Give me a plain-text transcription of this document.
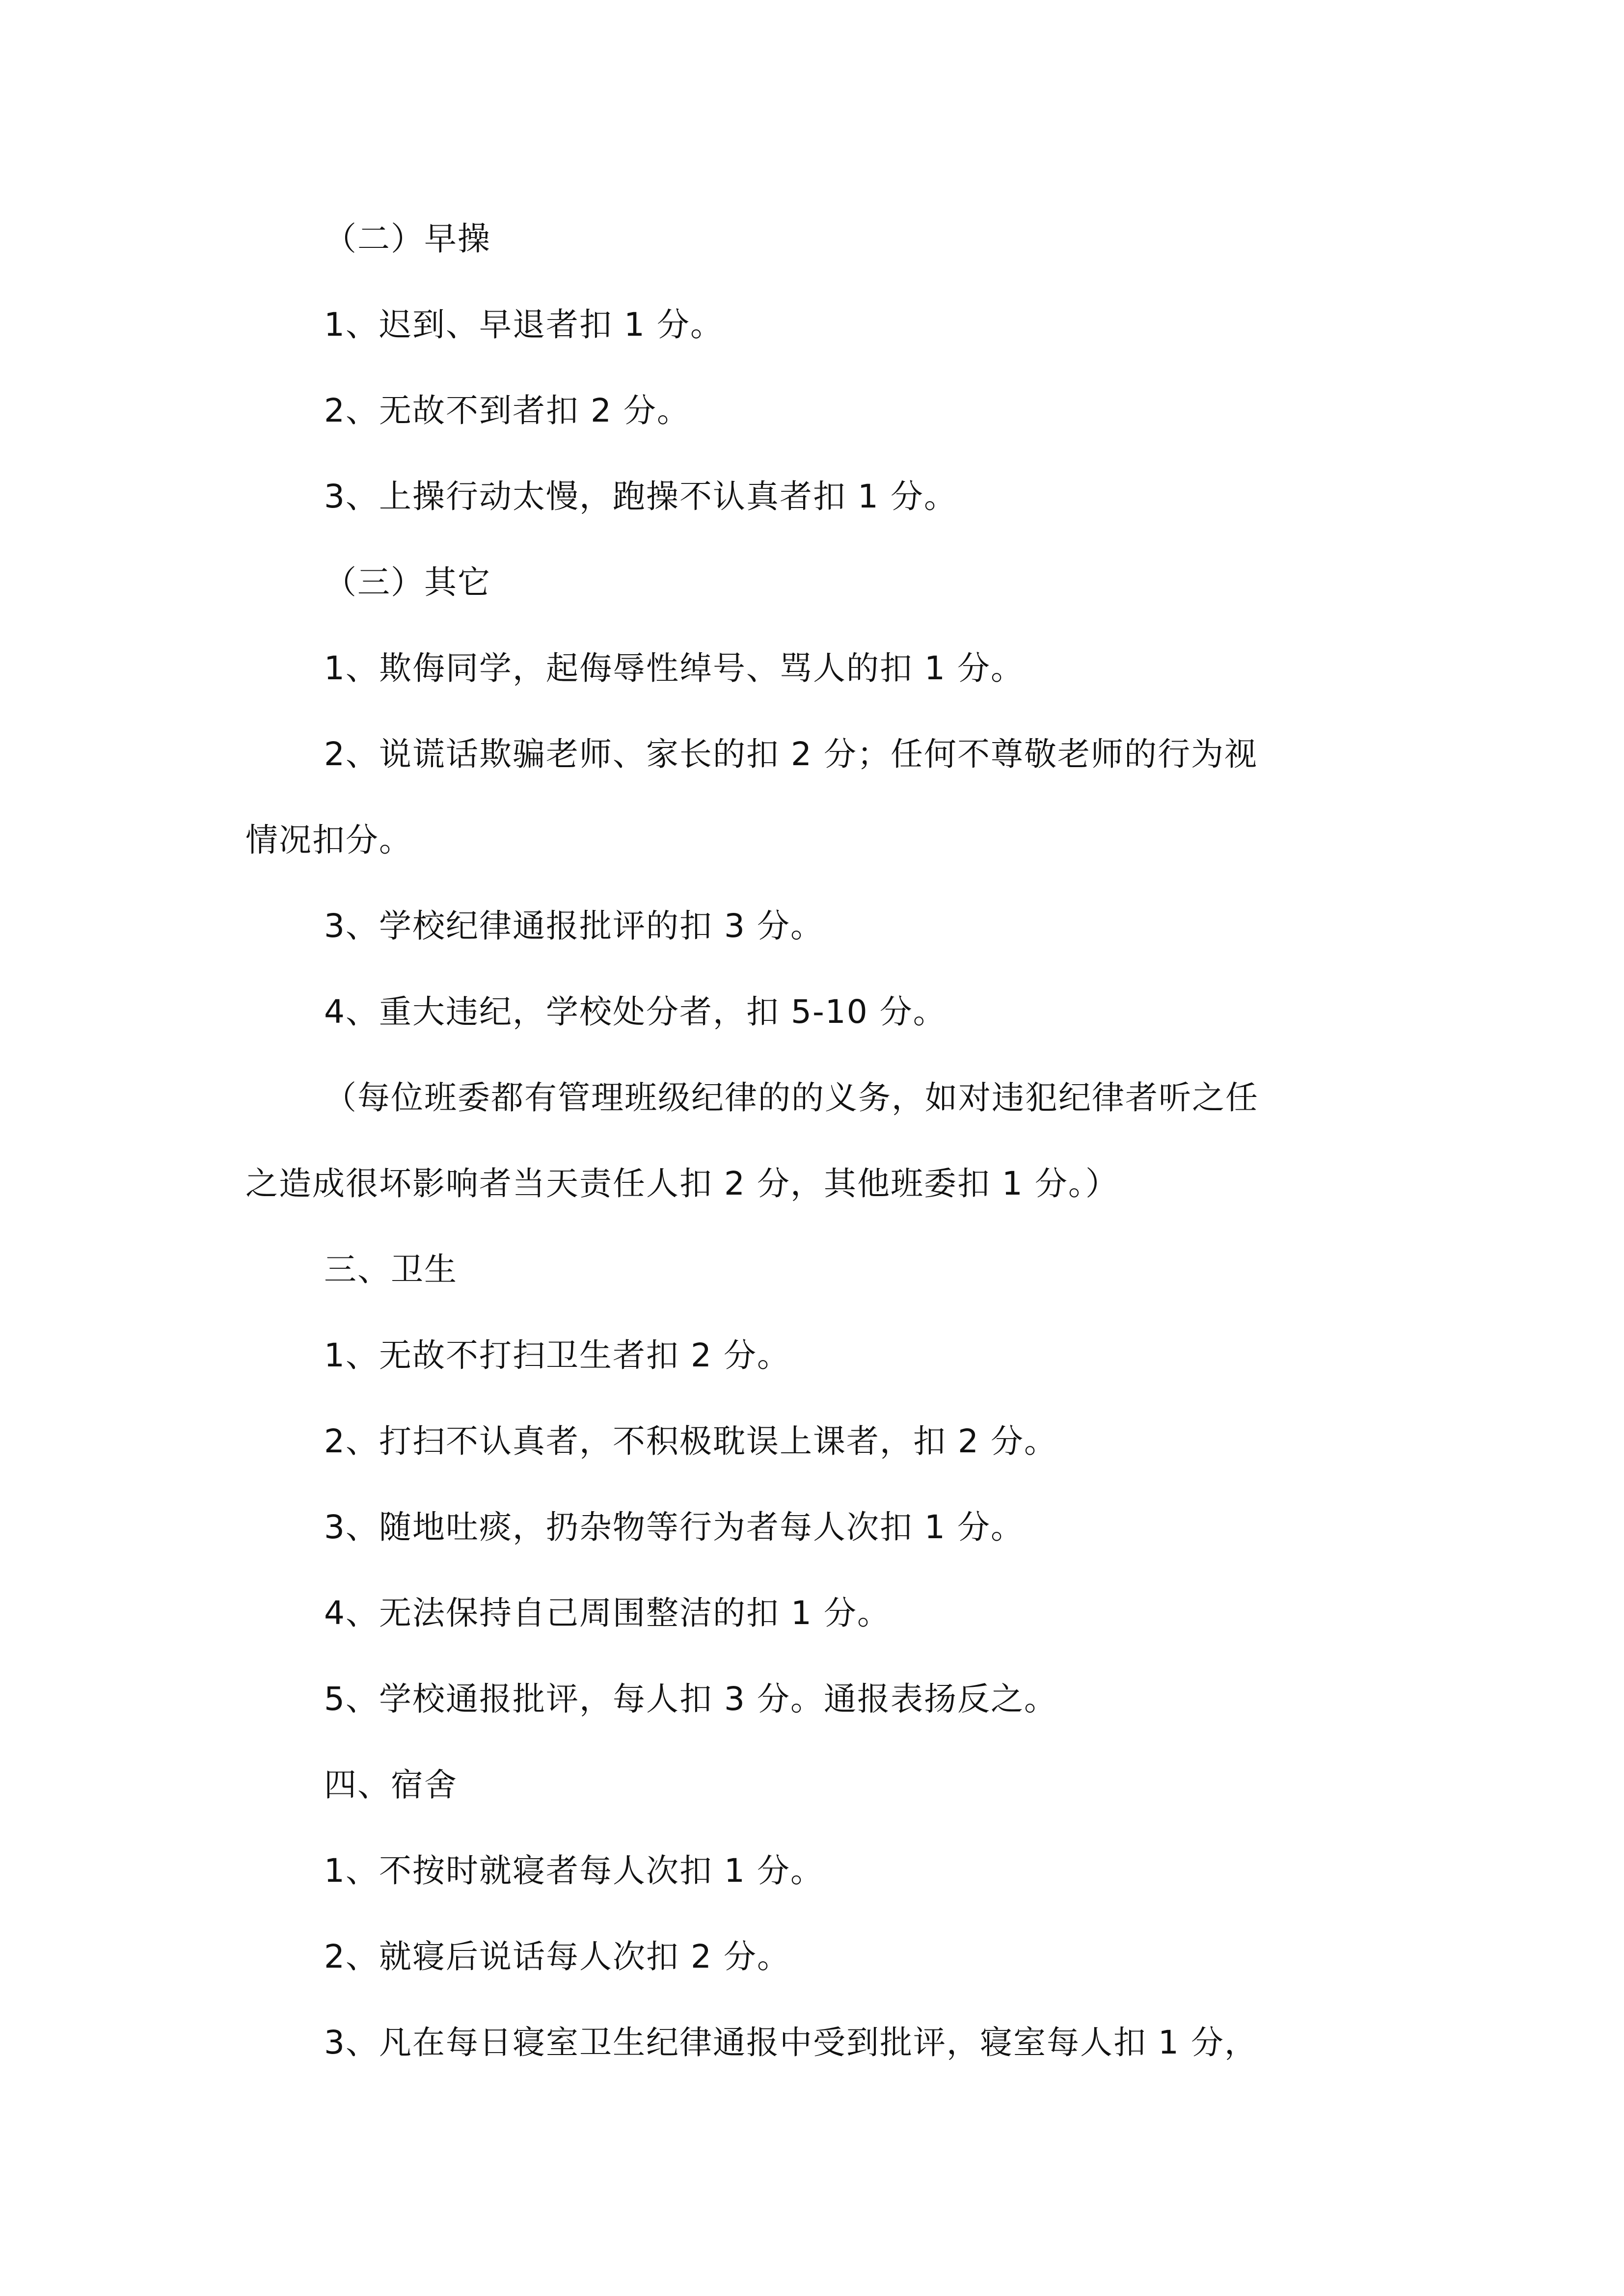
（二）早操
1、迟到、早退者扣 1 分。
2、无故不到者扣 2 分。
3、上操行动太慢，跑操不认真者扣 1 分。
（三）其它
1、欺侮同学，起侮辱性绰号、骂人的扣 1 分。
2、说谎话欺骗老师、家长的扣 2 分；任何不尊敬老师的行为视
情况扣分。
3、学校纪律通报批评的扣 3 分。
4、重大违纪，学校处分者，扣 5-10 分。
（每位班委都有管理班级纪律的的义务，如对违犯纪律者听之任
之造成很坏影响者当天责任人扣 2 分，其他班委扣 1 分。）
三、卫生
1、无故不打扫卫生者扣 2 分。
2、打扫不认真者，不积极耽误上课者，扣 2 分。
3、随地吐痰，扔杂物等行为者每人次扣 1 分。
4、无法保持自己周围整洁的扣 1 分。
5、学校通报批评，每人扣 3 分。通报表扬反之。
四、宿舍
1、不按时就寝者每人次扣 1 分。
2、就寝后说话每人次扣 2 分。
3、凡在每日寝室卫生纪律通报中受到批评，寝室每人扣 1 分，
